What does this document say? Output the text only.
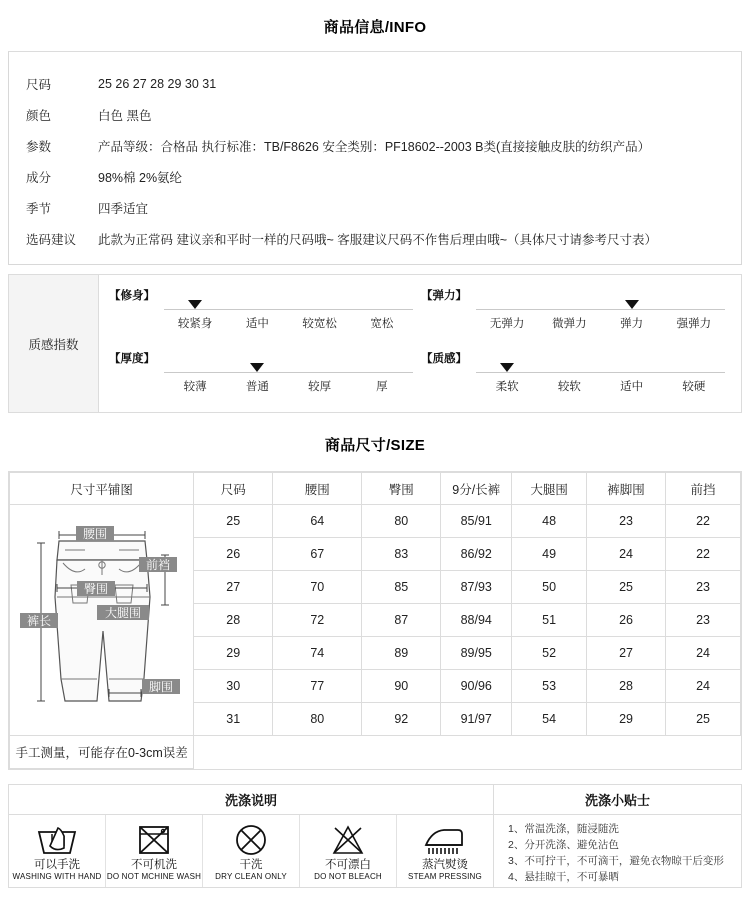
商品信息/INFO
尺码	25 26 27 28 29 30 31
颜色	白色 黑色
参数	产品等级：合格品 执行标准：TB/F8626 安全类别：PF18602--2003 B类(直接接触皮肤的纺织产品）
成分	98%棉 2%氨纶
季节	四季适宜
选码建议	此款为正常码 建议亲和平时一样的尺码哦~ 客服建议尺码不作售后理由哦~（具体尺寸请参考尺寸表）
质感指数
【修身】
较紧身	适中	较宽松	宽松
【弹力】
无弹力	微弹力	弹力	强弹力
【厚度】
较薄	普通	较厚	厚
【质感】
柔软	较软	适中	较硬
商品尺寸/SIZE
尺寸平铺图	尺码	腰围	臀围	9分/长裤	大腿围	裤脚围	前挡

腰围
臀围
前裆
大腿围
裤长
脚围
	25	64	80	85/91	48	23	22
	26	67	83	86/92	49	24	22
	27	70	85	87/93	50	25	23
	28	72	87	88/94	51	26	23
	29	74	89	89/95	52	27	24
	30	77	90	90/96	53	28	24
	31	80	92	91/97	54	29	25
手工测量，可能存在0-3cm误差							
洗涤说明	洗涤小贴士
可以手洗
WASHING WITH HAND
不可机洗
DO NOT MCHINE WASH
干洗
DRY CLEAN ONLY
不可漂白
DO NOT BLEACH
蒸汽熨烫
STEAM PRESSING
1、常温洗涤，随浸随洗
2、分开洗涤、避免沾色
3、不可拧干，不可滴干，避免衣物晾干后变形
4、悬挂晾干，不可暴晒
